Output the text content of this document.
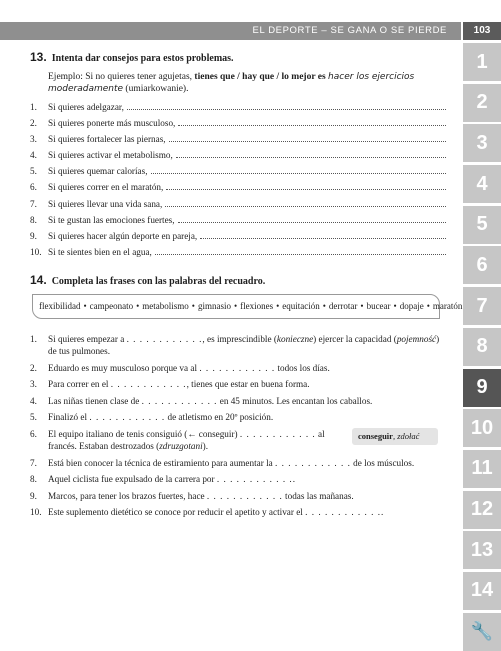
EL DEPORTE – SE GANA O SE PIERDE	103
1
2
3
4
5
6
7
8
9
10
11
12
13
14
🔧
13. Intenta dar consejos para estos problemas.
Ejemplo: Si no quieres tener agujetas, tienes que / hay que / lo mejor es hacer los ejercicios moderadamente (umiarkowanie).
1.	Si quieres adelgazar,
2.	Si quieres ponerte más musculoso,
3.	Si quieres fortalecer las piernas,
4.	Si quieres activar el metabolismo,
5.	Si quieres quemar calorías,
6.	Si quieres correr en el maratón,
7.	Si quieres llevar una vida sana,
8.	Si te gustan las emociones fuertes,
9.	Si quieres hacer algún deporte en pareja,
10. Si te sientes bien en el agua,
14. Completa las frases con las palabras del recuadro.
flexibilidad • campeonato • metabolismo • gimnasio • flexiones • equitación • derrotar • bucear • dopaje • maratón
1.	Si quieres empezar a . . . . . . . . . . . ., es imprescindible (konieczne) ejercer la capacidad (pojemność) de tus pulmones.
2.	Eduardo es muy musculoso porque va al . . . . . . . . . . . . todos los días.
3.	Para correr en el . . . . . . . . . . . ., tienes que estar en buena forma.
4.	Las niñas tienen clase de . . . . . . . . . . . . en 45 minutos. Les encantan los caballos.
5.	Finalizó el . . . . . . . . . . . . de atletismo en 20º posición.
6.	El equipo italiano de tenis consiguió (← conseguir) . . . . . . . . . . . . al francés. Estaban destrozados (zdruzgotani).
conseguir, zdołać
7.	Está bien conocer la técnica de estiramiento para aumentar la . . . . . . . . . . . . de los músculos.
8.	Aquel ciclista fue expulsado de la carrera por . . . . . . . . . . . ..
9.	Marcos, para tener los brazos fuertes, hace . . . . . . . . . . . . todas las mañanas.
10. Este suplemento dietético se conoce por reducir el apetito y activar el . . . . . . . . . . . ..
